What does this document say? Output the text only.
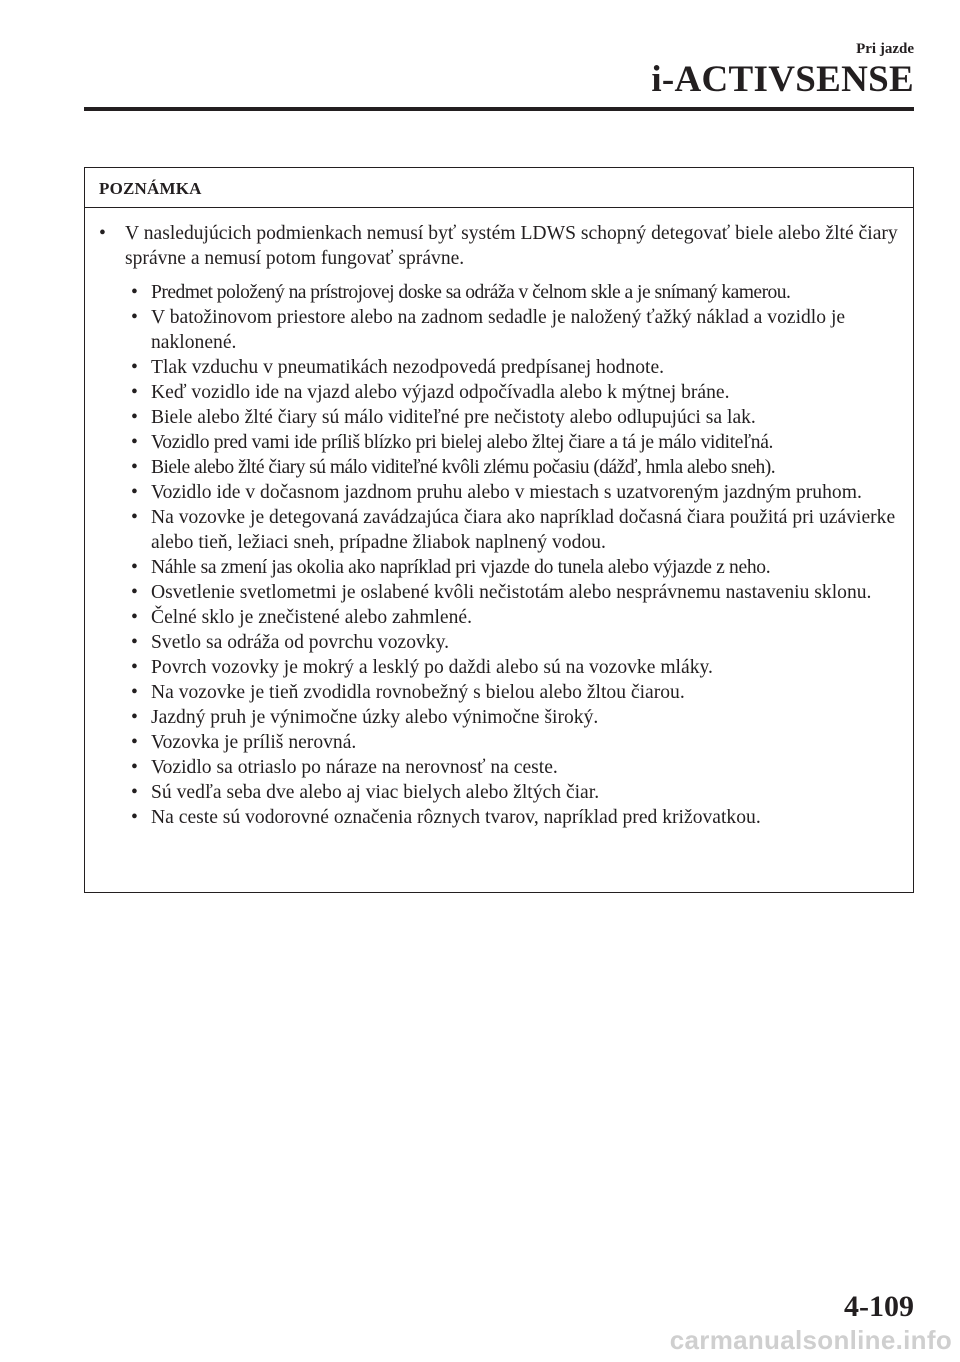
Pri jazde
i-ACTIVSENSE
POZNÁMKA
• V nasledujúcich podmienkach nemusí byť systém LDWS schopný detegovať biele alebo žlté čiary správne a nemusí potom fungovať správne.
• Predmet položený na prístrojovej doske sa odráža v čelnom skle a je snímaný kamerou.
• V batožinovom priestore alebo na zadnom sedadle je naložený ťažký náklad a vozidlo je naklonené.
• Tlak vzduchu v pneumatikách nezodpovedá predpísanej hodnote.
• Keď vozidlo ide na vjazd alebo výjazd odpočívadla alebo k mýtnej bráne.
• Biele alebo žlté čiary sú málo viditeľné pre nečistoty alebo odlupujúci sa lak.
• Vozidlo pred vami ide príliš blízko pri bielej alebo žltej čiare a tá je málo viditeľná.
• Biele alebo žlté čiary sú málo viditeľné kvôli zlému počasiu (dážď, hmla alebo sneh).
• Vozidlo ide v dočasnom jazdnom pruhu alebo v miestach s uzatvoreným jazdným pruhom.
• Na vozovke je detegovaná zavádzajúca čiara ako napríklad dočasná čiara použitá pri uzávierke alebo tieň, ležiaci sneh, prípadne žliabok naplnený vodou.
• Náhle sa zmení jas okolia ako napríklad pri vjazde do tunela alebo výjazde z neho.
• Osvetlenie svetlometmi je oslabené kvôli nečistotám alebo nesprávnemu nastaveniu sklonu.
• Čelné sklo je znečistené alebo zahmlené.
• Svetlo sa odráža od povrchu vozovky.
• Povrch vozovky je mokrý a lesklý po daždi alebo sú na vozovke mláky.
• Na vozovke je tieň zvodidla rovnobežný s bielou alebo žltou čiarou.
• Jazdný pruh je výnimočne úzky alebo výnimočne široký.
• Vozovka je príliš nerovná.
• Vozidlo sa otriaslo po náraze na nerovnosť na ceste.
• Sú vedľa seba dve alebo aj viac bielych alebo žltých čiar.
• Na ceste sú vodorovné označenia rôznych tvarov, napríklad pred križovatkou.
4-109
carmanualsonline.info
